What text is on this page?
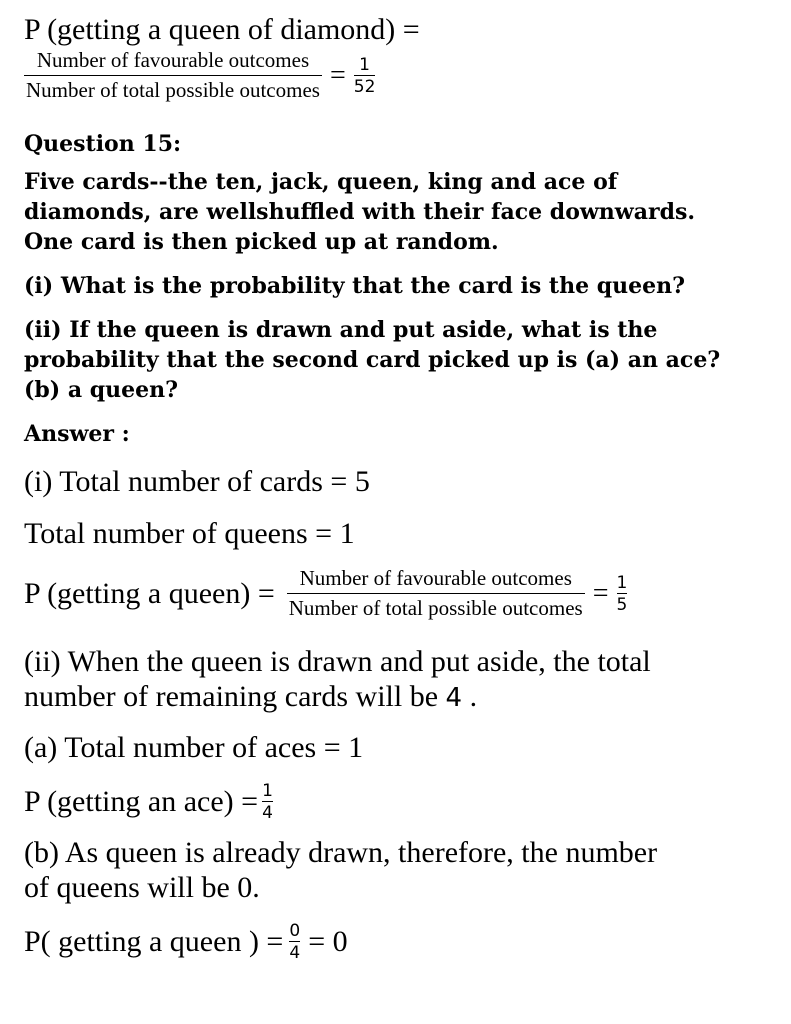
P (getting a queen of diamond) =
$\frac{\text{Number of favourable outcomes}}{\text{Number of total possible outcomes}} = \frac{1}{52}$
Question 15:
Five cards--the ten, jack, queen, king and ace of
diamonds, are wellshuffled with their face downwards.
One card is then picked up at random.
(i) What is the probability that the card is the queen?
(ii) If the queen is drawn and put aside, what is the
probability that the second card picked up is (a) an ace?
(b) a queen?
Answer :
(i) Total number of cards = 5
Total number of queens = 1
P (getting a queen) = $\frac{\text{Number of favourable outcomes}}{\text{Number of total possible outcomes}} = \frac{1}{5}$
(ii) When the queen is drawn and put aside, the total
number of remaining cards will be 4 .
(a) Total number of aces = 1
P (getting an $ace) = \frac{1}{4}$
(b) As queen is already drawn, therefore, the number
of queens will be 0.
P( getting a queen ) = $\frac{0}{4} = 0$
